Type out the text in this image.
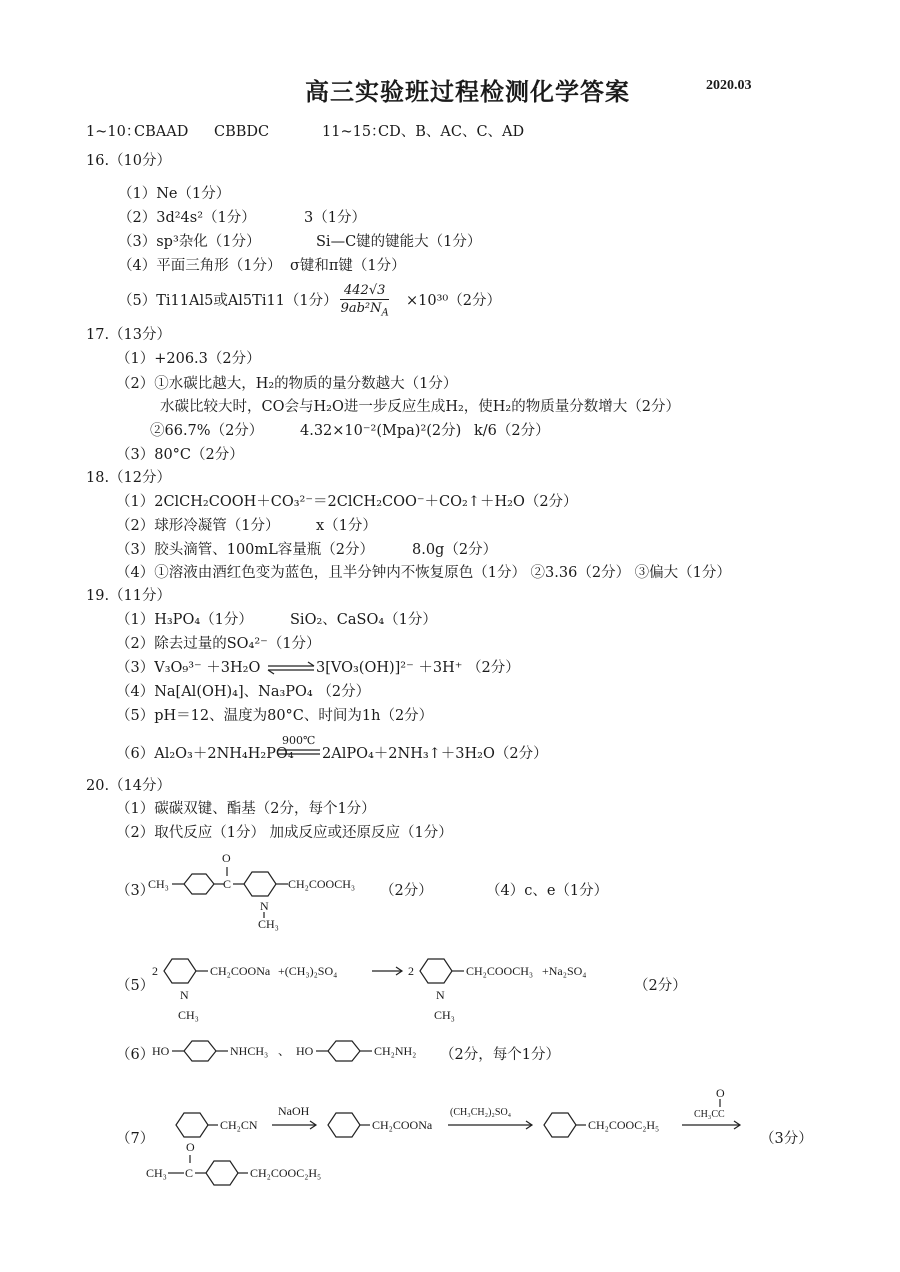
高三实验班过程检测化学答案	2020.03
1~10：
CBAAD CBBDC	11~15：
CD、B、AC、C、AD
16.（10分）
（1）Ne（1分）
（2）3d²4s²（1分）	3（1分）
（3）sp³杂化（1分）	Si—C键的键能大（1分）
（4）平面三角形（1分） σ键和π键（1分）
（5）Ti11Al5或Al5Ti11（1分） $\frac{442√3}{9ab^2N_A} \times 10^{30}(2$分）
17.（13分）
（1）+206.3（2分）
（2）①水碳比越大，H₂的物质的量分数越大（1分）
水碳比较大时，CO会与H₂O进一步反应生成H₂，使H₂的物质量分数增大（2分）
②66.7%（2分）	4.32×10⁻²(Mpa)²(2分) k/6（2分）
（3）80°C（2分）
18.（12分）
（1）2ClCH₂COOH＋CO₃²⁻＝2ClCH₂COO⁻＋CO₂↑＋H₂O（2分）
（2）球形冷凝管（1分）	x（1分）
（3）胶头滴管、100mL容量瓶（2分）	8.0g（2分）
（4）①溶液由酒红色变为蓝色，且半分钟内不恢复原色（1分） ②3.36（2分） ③偏大（1分）
19.（11分）
（1）H₃PO₄（1分）	SiO₂、CaSO₄（1分）
（2）除去过量的SO₄²⁻（1分）
（3）V₃O₉³⁻ ＋3H₂O ⇌ 3[VO₃(OH)]²⁻ ＋3H⁺ （2分）
（4）Na[Al(OH)₄]、Na₃PO₄ （2分）
（5）pH＝12、温度为80°C、时间为1h（2分）
（6）Al₂O₃＋2NH₄H₂PO₄
900℃
2AlPO₄＋2NH₃↑＋3H₂O（2分）
20.（14分）
（1）碳碳双键、酯基（2分，每个1分）
（2）取代反应（1分） 加成反应或还原反应（1分）
（3）
CH₃	C
O
N
CH₃
CH₂COOCH₃ （2分）	（4）c、e（1分）
（5）
2
N
CH₃
CH₂COONa +(CH₃)₂SO₄	2
N
CH₃
CH₂COOCH₃ +Na₂SO₄
（2分）
（6）
HO	NHCH₃ 、 HO	CH₂NH₂ （2分，每个1分）
（7）
CH₂CN
NaOH
CH₂COONa
(CH₃CH₂)₂SO₄
CH₂COOC₂H₅
O
CH₃CC
O
CH₃ C	CH₂COOC₂H₅
（3分）
